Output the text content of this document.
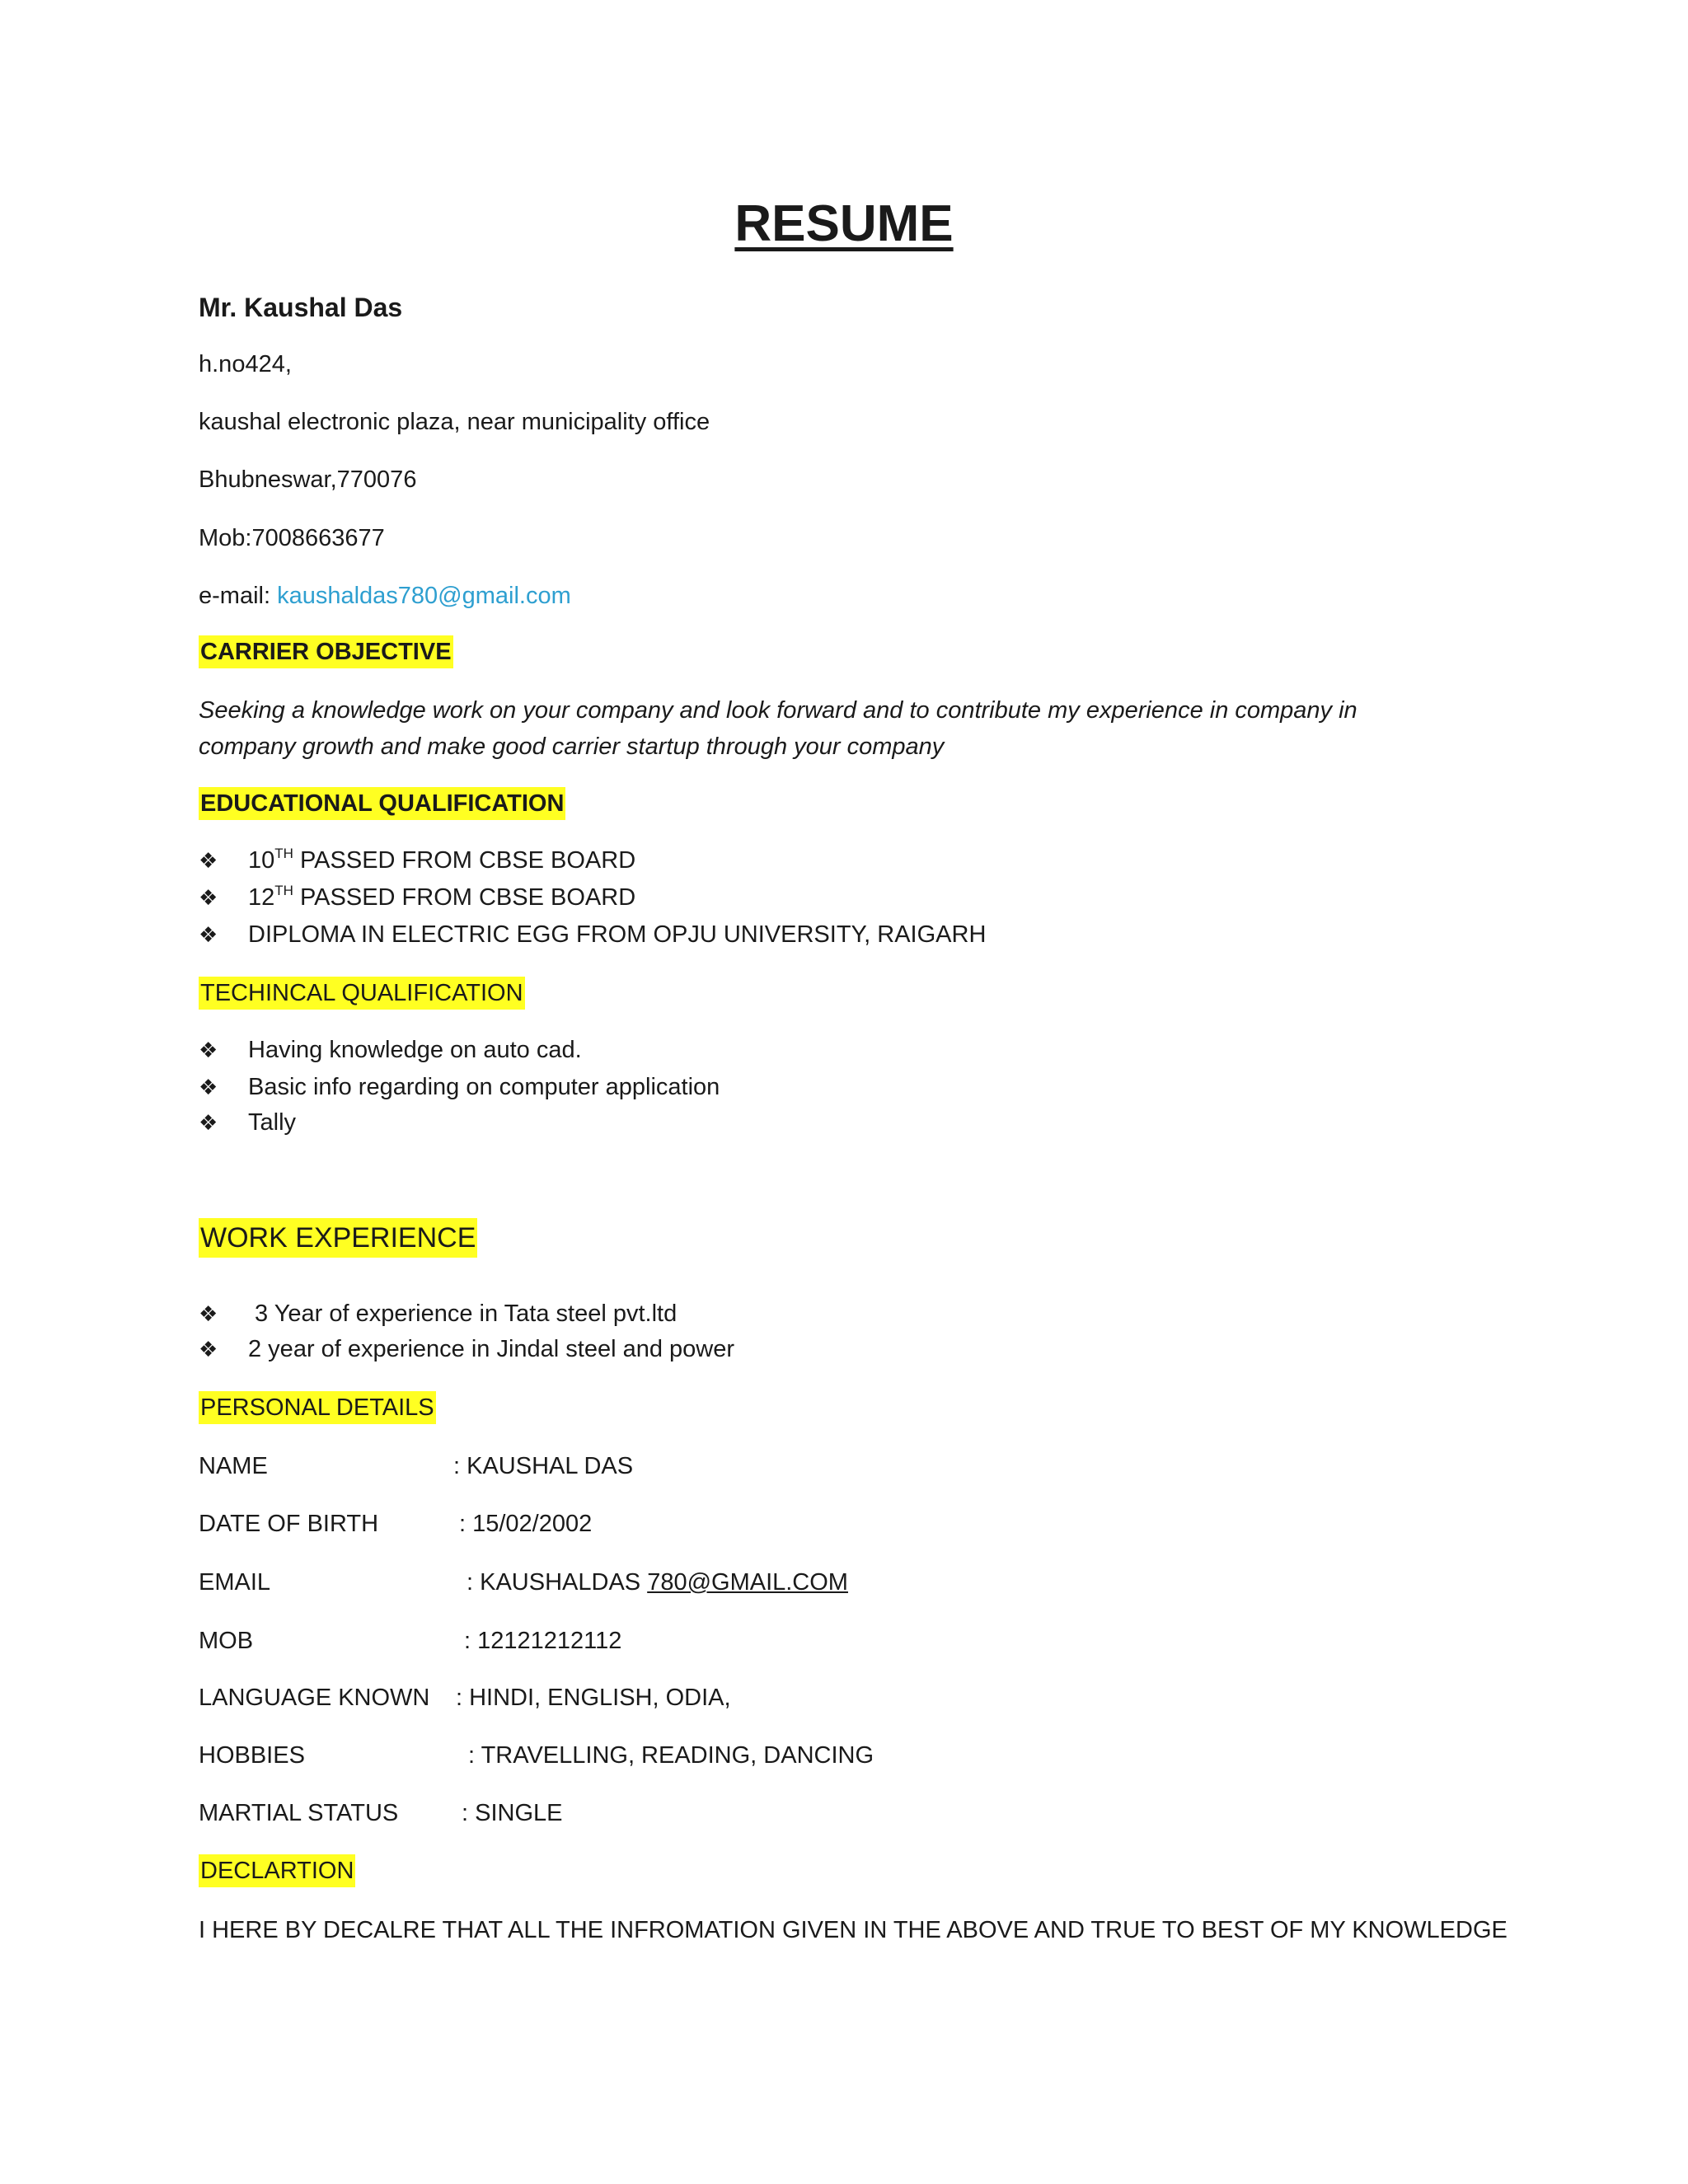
RESUME
Mr. Kaushal Das
h.no424,
kaushal electronic plaza, near municipality office
Bhubneswar,770076
Mob:7008663677
e-mail: kaushaldas780@gmail.com
CARRIER OBJECTIVE
Seeking a knowledge work on your company and look forward and to contribute my experience in company in
company growth and make good carrier startup through your company
EDUCATIONAL QUALIFICATION
❖ 10TH PASSED FROM CBSE BOARD
❖ 12TH PASSED FROM CBSE BOARD
❖ DIPLOMA IN ELECTRIC EGG FROM OPJU UNIVERSITY, RAIGARH
TECHINCAL QUALIFICATION
❖ Having knowledge on auto cad.
❖ Basic info regarding on computer application
❖ Tally
WORK EXPERIENCE
❖ 3 Year of experience in Tata steel pvt.ltd
❖ 2 year of experience in Jindal steel and power
PERSONAL DETAILS
NAME	: KAUSHAL DAS
DATE OF BIRTH	: 15/02/2002
EMAIL	: KAUSHALDAS 780@GMAIL.COM
MOB	: 12121212112
LANGUAGE KNOWN : HINDI, ENGLISH, ODIA,
HOBBIES	: TRAVELLING, READING, DANCING
MARTIAL STATUS	: SINGLE
DECLARTION
I HERE BY DECALRE THAT ALL THE INFROMATION GIVEN IN THE ABOVE AND TRUE TO BEST OF MY KNOWLEDGE
